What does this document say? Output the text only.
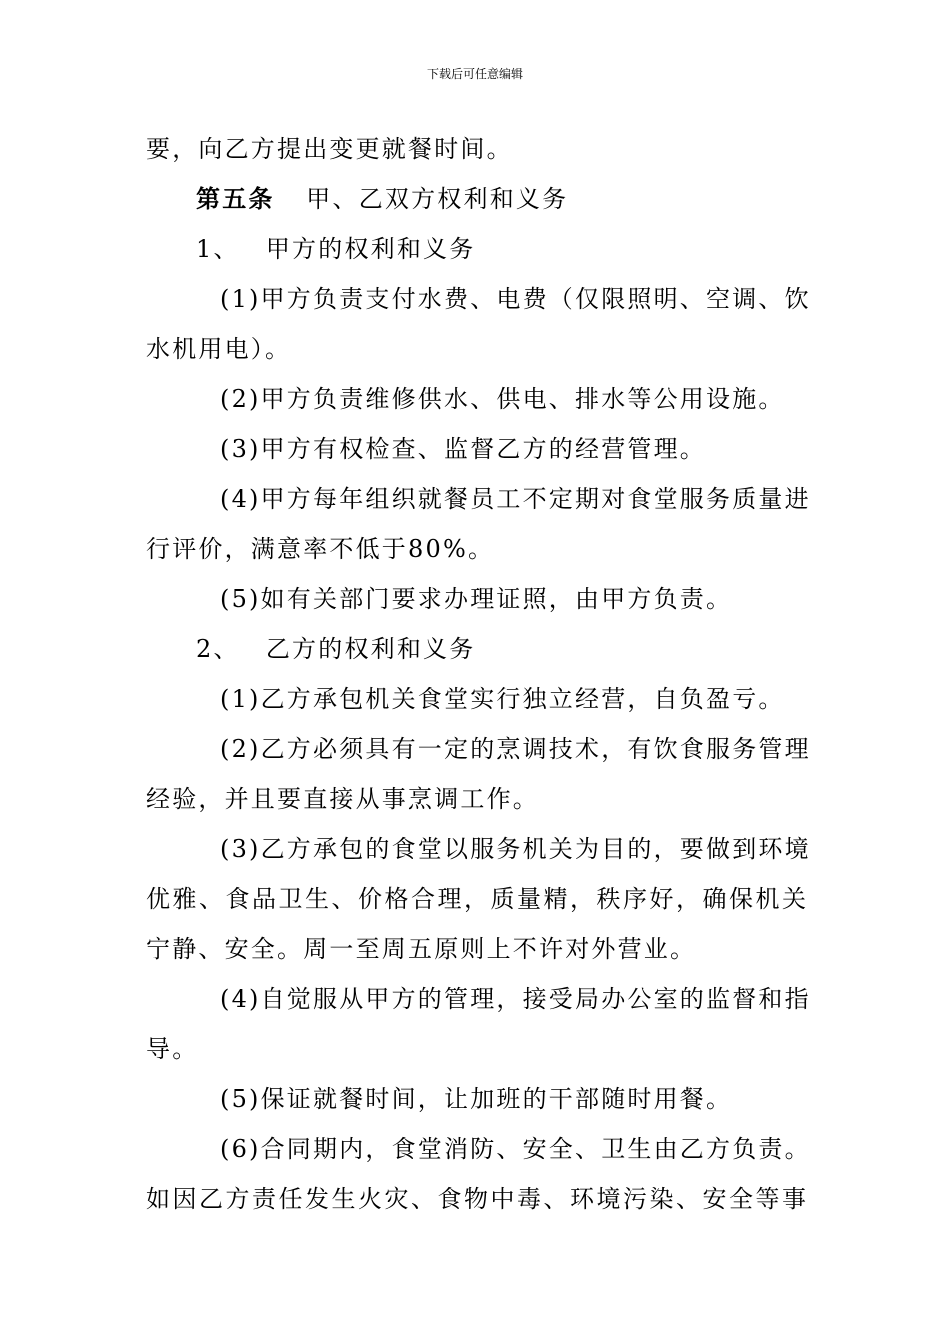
下载后可任意编辑
要，向乙方提出变更就餐时间。
第五条 甲、乙双方权利和义务
1、 甲方的权利和义务
(1)甲方负责支付水费、电费（仅限照明、空调、饮
水机用电）。
(2)甲方负责维修供水、供电、排水等公用设施。
(3)甲方有权检查、监督乙方的经营管理。
(4)甲方每年组织就餐员工不定期对食堂服务质量进
行评价，满意率不低于80%。
(5)如有关部门要求办理证照，由甲方负责。
2、 乙方的权利和义务
(1)乙方承包机关食堂实行独立经营，自负盈亏。
(2)乙方必须具有一定的烹调技术，有饮食服务管理
经验，并且要直接从事烹调工作。
(3)乙方承包的食堂以服务机关为目的，要做到环境
优雅、食品卫生、价格合理，质量精，秩序好，确保机关
宁静、安全。周一至周五原则上不许对外营业。
(4)自觉服从甲方的管理，接受局办公室的监督和指
导。
(5)保证就餐时间，让加班的干部随时用餐。
(6)合同期内，食堂消防、安全、卫生由乙方负责。
如因乙方责任发生火灾、食物中毒、环境污染、安全等事
